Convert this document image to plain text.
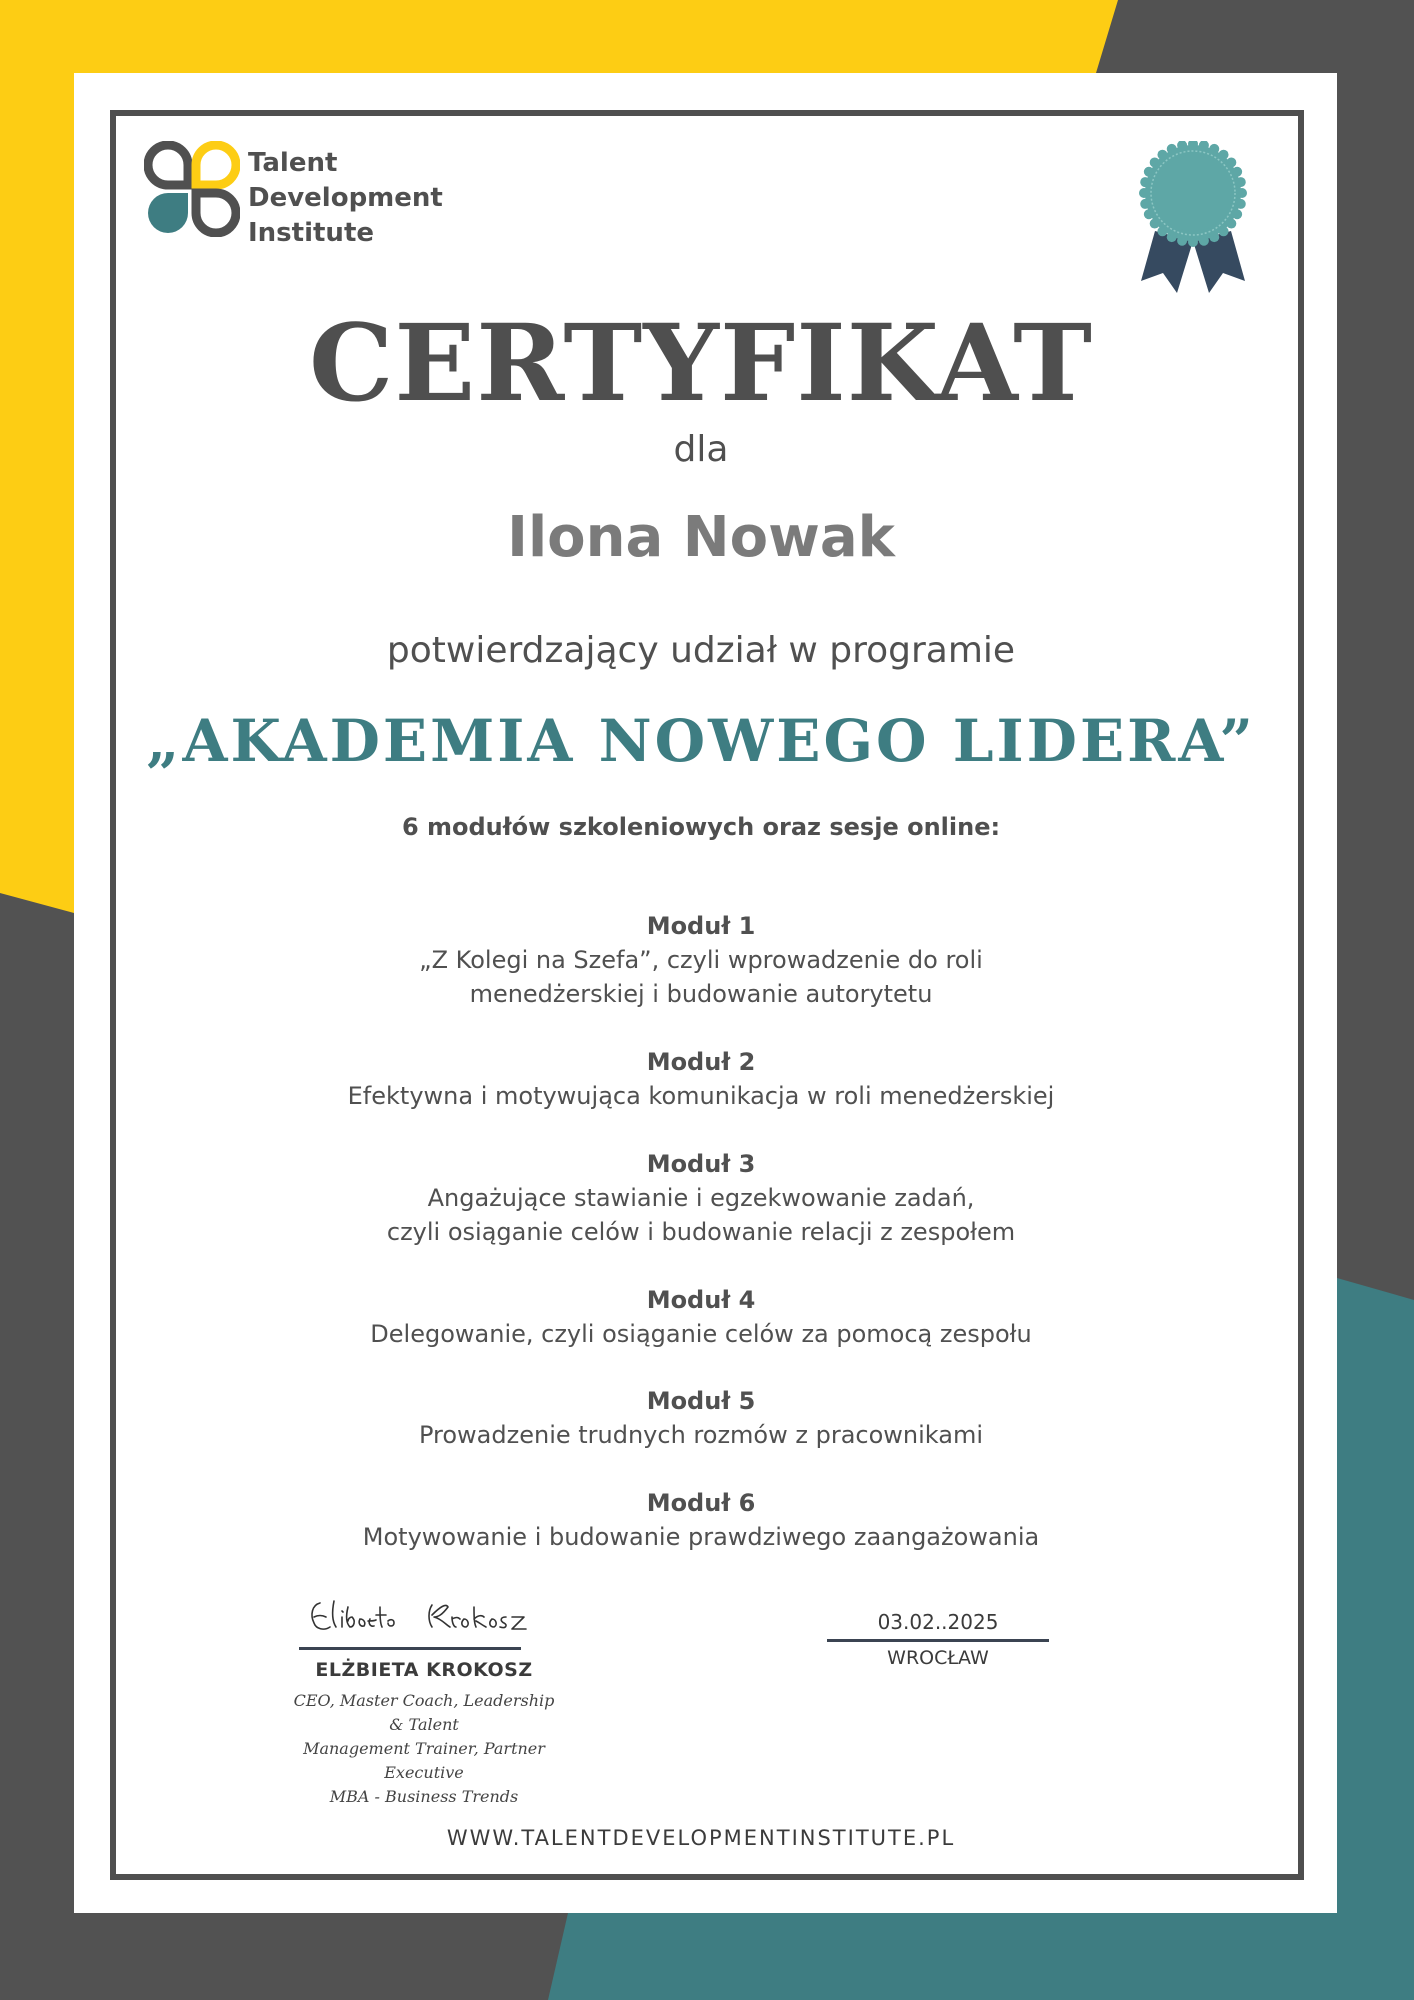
Talent
Development
Institute
CERTYFIKAT
dla
Ilona Nowak
potwierdzający udział w programie
„AKADEMIA NOWEGO LIDERA”
6 modułów szkoleniowych oraz sesje online:
Moduł 1
„Z Kolegi na Szefa”, czyli wprowadzenie do roli
menedżerskiej i budowanie autorytetu
Moduł 2
Efektywna i motywująca komunikacja w roli menedżerskiej
Moduł 3
Angażujące stawianie i egzekwowanie zadań,
czyli osiąganie celów i budowanie relacji z zespołem
Moduł 4
Delegowanie, czyli osiąganie celów za pomocą zespołu
Moduł 5
Prowadzenie trudnych rozmów z pracownikami
Moduł 6
Motywowanie i budowanie prawdziwego zaangażowania
ELŻBIETA KROKOSZ
CEO, Master Coach, Leadership & Talent
Management Trainer, Partner Executive
MBA - Business Trends
03.02..2025
WROCŁAW
WWW.TALENTDEVELOPMENTINSTITUTE.PL
